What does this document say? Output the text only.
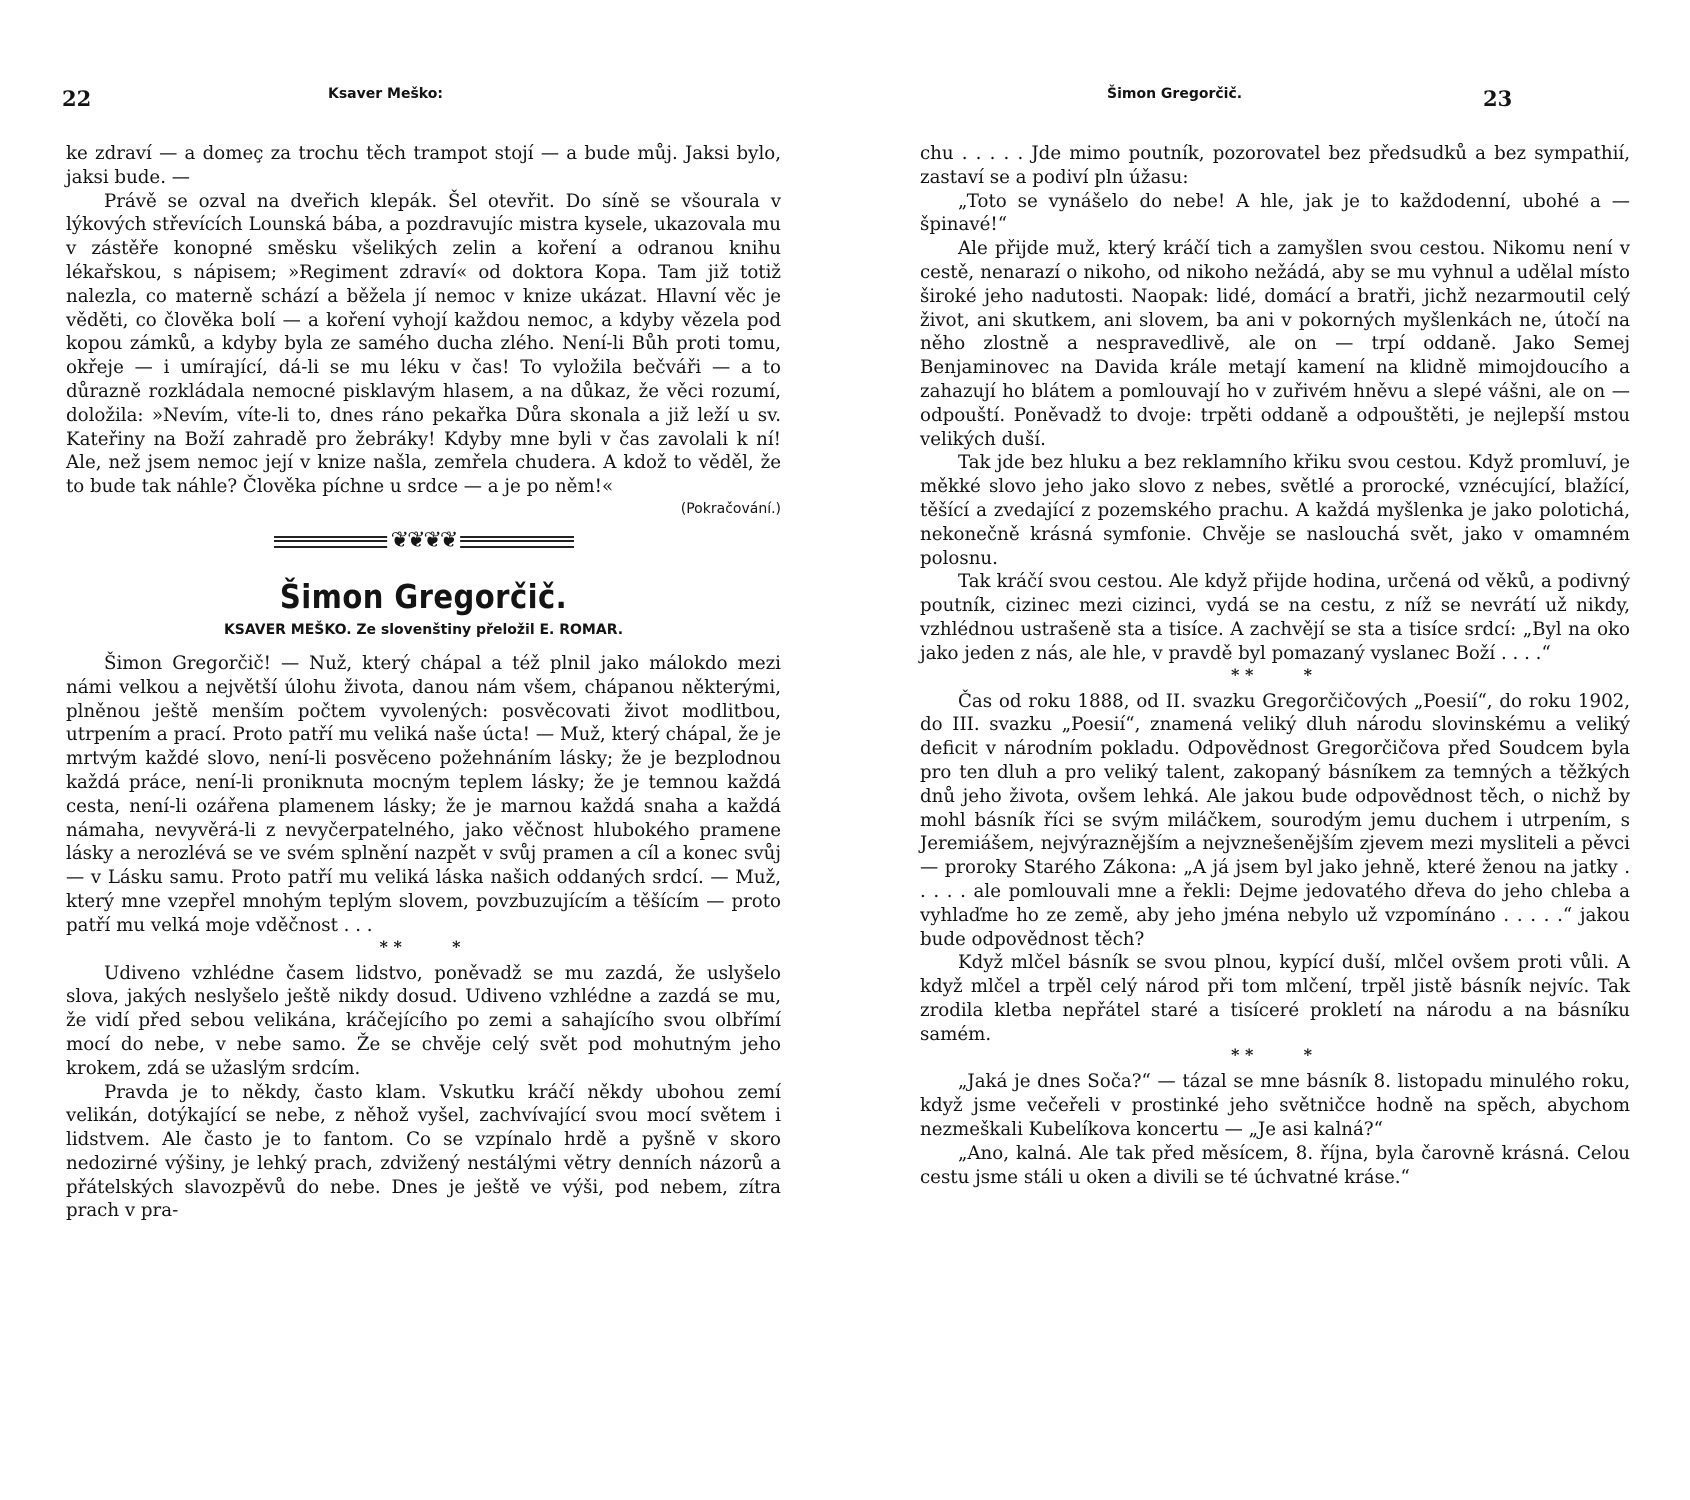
22	Ksaver Meško:

ke zdraví — a domeç za trochu těch trampot stojí — a bude můj. Jaksi bylo, jaksi bude. —

Právě se ozval na dveřich klepák. Šel otevřit. Do síně se všourala v lýkových střevících Lounská bába, a pozdravujíc mistra kysele, ukazovala mu v zástěře konopné směsku všelikých zelin a koření a odranou knihu lékařskou, s nápisem; »Regiment zdraví« od doktora Kopa. Tam již totiž nalezla, co materně schází a běžela jí nemoc v knize ukázat. Hlavní věc je věděti, co člověka bolí — a koření vyhojí každou nemoc, a kdyby vězela pod kopou zámků, a kdyby byla ze samého ducha zlého. Není-li Bůh proti tomu, okřeje — i umírající, dá-li se mu léku v čas! To vyložila bečváři — a to důrazně rozkládala nemocné pisklavým hlasem, a na důkaz, že věci rozumí, doložila: »Nevím, víte-li to, dnes ráno pekařka Důra skonala a již leží u sv. Kateřiny na Boží zahradě pro žebráky! Kdyby mne byli v čas zavolali k ní! Ale, než jsem nemoc její v knize našla, zemřela chudera. A kdož to věděl, že to bude tak náhle? Člověka píchne u srdce — a je po něm!«

(Pokračování.)

❦❦❦❦
Šimon Gregorčič.
KSAVER MEŠKO. Ze slovenštiny přeložil E. ROMAR.

Šimon Gregorčič! — Nuž, který chápal a též plnil jako málokdo mezi námi velkou a největší úlohu života, danou nám všem, chápanou některými, plněnou ještě menším počtem vyvolených: posvěcovati život modlitbou, utrpením a prací. Proto patří mu veliká naše úcta! — Muž, který chápal, že je mrtvým každé slovo, není-li posvěceno požehnáním lásky; že je bezplodnou každá práce, není-li proniknuta mocným teplem lásky; že je temnou každá cesta, není-li ozářena plamenem lásky; že je marnou každá snaha a každá námaha, nevyvěrá-li z nevyčerpatelného, jako věčnost hlubokého pramene lásky a nerozlévá se ve svém splnění nazpět v svůj pramen a cíl a konec svůj — v Lásku samu. Proto patří mu veliká láska našich oddaných srdcí. — Muž, který mne vzepřel mnohým teplým slovem, povzbuzujícím a těšícím — proto patří mu velká moje vděčnost . . .

* *	*

Udiveno vzhlédne časem lidstvo, poněvadž se mu zazdá, že uslyšelo slova, jakých neslyšelo ještě nikdy dosud. Udiveno vzhlédne a zazdá se mu, že vidí před sebou velikána, kráčejícího po zemi a sahajícího svou olbřímí mocí do nebe, v nebe samo. Že se chvěje celý svět pod mohutným jeho krokem, zdá se užaslým srdcím.

Pravda je to někdy, často klam. Vskutku kráčí někdy ubohou zemí velikán, dotýkající se nebe, z něhož vyšel, zachvívající svou mocí světem i lidstvem. Ale často je to fantom. Co se vzpínalo hrdě a pyšně v skoro nedozirné výšiny, je lehký prach, zdvižený nestálými větry denních názorů a přátelských slavozpěvů do nebe. Dnes je ještě ve výši, pod nebem, zítra prach v pra-

Šimon Gregorčič.	23

chu . . . . . Jde mimo poutník, pozorovatel bez předsudků a bez sympathií, zastaví se a podiví pln úžasu:

„Toto se vynášelo do nebe! A hle, jak je to každodenní, ubohé a — špinavé!“

Ale přijde muž, který kráčí tich a zamyšlen svou cestou. Nikomu není v cestě, nenarazí o nikoho, od nikoho nežádá, aby se mu vyhnul a udělal místo široké jeho nadutosti. Naopak: lidé, domácí a bratři, jichž nezarmoutil celý život, ani skutkem, ani slovem, ba ani v pokorných myšlenkách ne, útočí na něho zlostně a nespravedlivě, ale on — trpí oddaně. Jako Semej Benjaminovec na Davida krále metají kamení na klidně mimojdoucího a zahazují ho blátem a pomlouvají ho v zuřivém hněvu a slepé vášni, ale on — odpouští. Poněvadž to dvoje: trpěti oddaně a odpouštěti, je nejlepší mstou velikých duší.

Tak jde bez hluku a bez reklamního křiku svou cestou. Když promluví, je měkké slovo jeho jako slovo z nebes, světlé a prorocké, vznécující, blažící, těšící a zvedající z pozemského prachu. A každá myšlenka je jako polotichá, nekonečně krásná symfonie. Chvěje se naslouchá svět, jako v omamném polosnu.

Tak kráčí svou cestou. Ale když přijde hodina, určená od věků, a podivný poutník, cizinec mezi cizinci, vydá se na cestu, z níž se nevrátí už nikdy, vzhlédnou ustrašeně sta a tisíce. A zachvějí se sta a tisíce srdcí: „Byl na oko jako jeden z nás, ale hle, v pravdě byl pomazaný vyslanec Boží . . . .“

* *	*

Čas od roku 1888, od II. svazku Gregorčičových „Poesií“, do roku 1902, do III. svazku „Poesií“, znamená veliký dluh národu slovinskému a veliký deficit v národním pokladu. Odpovědnost Gregorčičova před Soudcem byla pro ten dluh a pro veliký talent, zakopaný básníkem za temných a těžkých dnů jeho života, ovšem lehká. Ale jakou bude odpovědnost těch, o nichž by mohl básník říci se svým miláčkem, sourodým jemu duchem i utrpením, s Jeremiášem, nejvýraznějším a nejvznešenějším zjevem mezi mysliteli a pěvci — proroky Starého Zákona: „A já jsem byl jako jehně, které ženou na jatky . . . . . ale pomlouvali mne a řekli: Dejme jedovatého dřeva do jeho chleba a vyhlaďme ho ze země, aby jeho jména nebylo už vzpomínáno . . . . .“ jakou bude odpovědnost těch?

Když mlčel básník se svou plnou, kypící duší, mlčel ovšem proti vůli. A když mlčel a trpěl celý národ při tom mlčení, trpěl jistě básník nejvíc. Tak zrodila kletba nepřátel staré a tisíceré prokletí na národu a na básníku samém.

* *	*

„Jaká je dnes Soča?“ — tázal se mne básník 8. listopadu minulého roku, když jsme večeřeli v prostinké jeho světničce hodně na spěch, abychom nezmeškali Kubelíkova koncertu — „Je asi kalná?“

„Ano, kalná. Ale tak před měsícem, 8. října, byla čarovně krásná. Celou cestu jsme stáli u oken a divili se té úchvatné kráse.“
